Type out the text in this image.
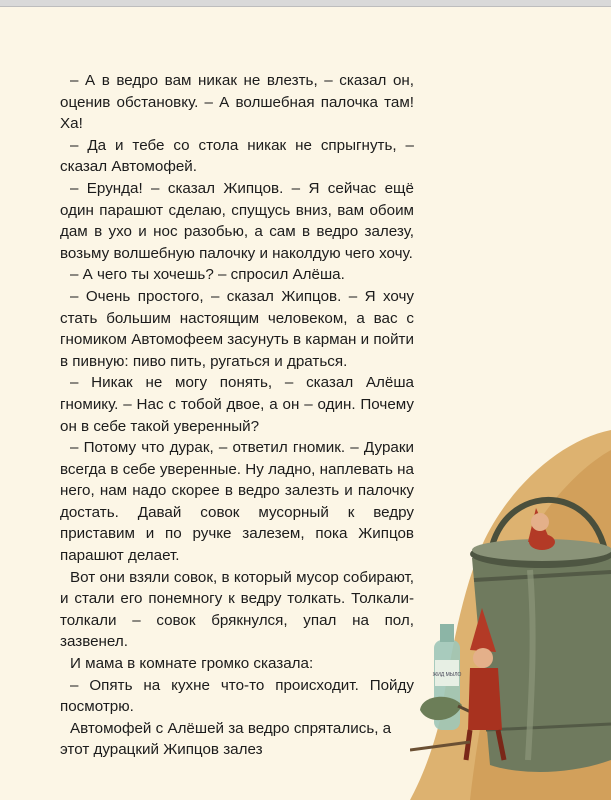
– А в ведро вам никак не влезть, – сказал он, оценив обстановку. – А волшебная палочка там! Ха!

– Да и тебе со стола никак не спрыгнуть, – сказал Автомофей.

– Ерунда! – сказал Жипцов. – Я сейчас ещё один парашют сделаю, спущусь вниз, вам обоим дам в ухо и нос разобью, а сам в ведро залезу, возьму волшебную палочку и наколдую чего хочу.

– А чего ты хочешь? – спросил Алёша.

– Очень простого, – сказал Жипцов. – Я хочу стать большим настоящим человеком, а вас с гномиком Автомофеем засунуть в карман и пойти в пивную: пиво пить, ругаться и драться.

– Никак не могу понять, – сказал Алёша гномику. – Нас с тобой двое, а он – один. Почему он в себе такой уверенный?

– Потому что дурак, – ответил гномик. – Дураки всегда в себе уверенные. Ну ладно, наплевать на него, нам надо скорее в ведро залезть и палочку достать. Давай совок мусорный к ведру приставим и по ручке залезем, пока Жипцов парашют делает.

Вот они взяли совок, в который мусор собирают, и стали его понемногу к ведру толкать. Толкали-толкали – совок брякнулся, упал на пол, зазвенел.

И мама в комнате громко сказала:

– Опять на кухне что-то происходит. Пойду посмотрю.

Автомофей с Алёшей за ведро спрятались, а этот дурацкий Жипцов залез

ЖИД МЫЛО
